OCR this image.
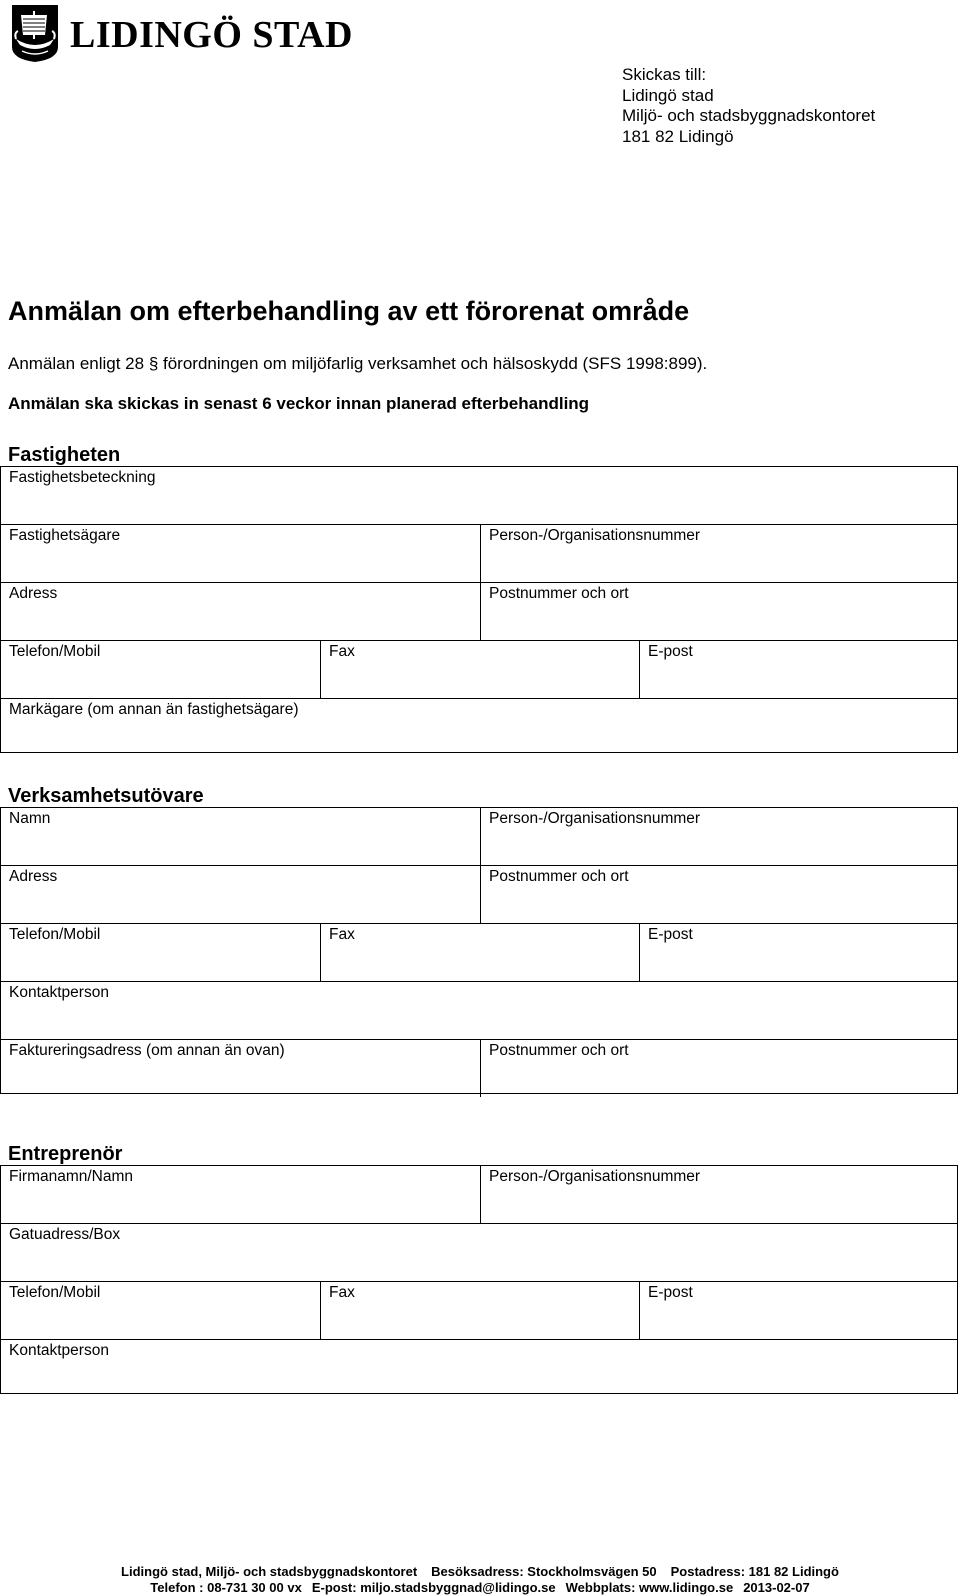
LIDINGÖ STAD
Skickas till:
Lidingö stad
Miljö- och stadsbyggnadskontoret
181 82 Lidingö
Anmälan om efterbehandling av ett förorenat område
Anmälan enligt 28 § förordningen om miljöfarlig verksamhet och hälsoskydd (SFS 1998:899).
Anmälan ska skickas in senast 6 veckor innan planerad efterbehandling
Fastigheten
Fastighetsbeteckning
Fastighetsägare	Person-/Organisationsnummer
Adress	Postnummer och ort
Telefon/Mobil	Fax	E-post
Markägare (om annan än fastighetsägare)
Verksamhetsutövare
Namn	Person-/Organisationsnummer
Adress	Postnummer och ort
Telefon/Mobil	Fax	E-post
Kontaktperson
Faktureringsadress (om annan än ovan)	Postnummer och ort
Entreprenör
Firmanamn/Namn	Person-/Organisationsnummer
Gatuadress/Box
Telefon/Mobil	Fax	E-post
Kontaktperson
Lidingö stad, Miljö- och stadsbyggnadskontoret Besöksadress: Stockholmsvägen 50 Postadress: 181 82 Lidingö
Telefon : 08-731 30 00 vx E-post: miljo.stadsbyggnad@lidingo.se Webbplats: www.lidingo.se 2013-02-07
